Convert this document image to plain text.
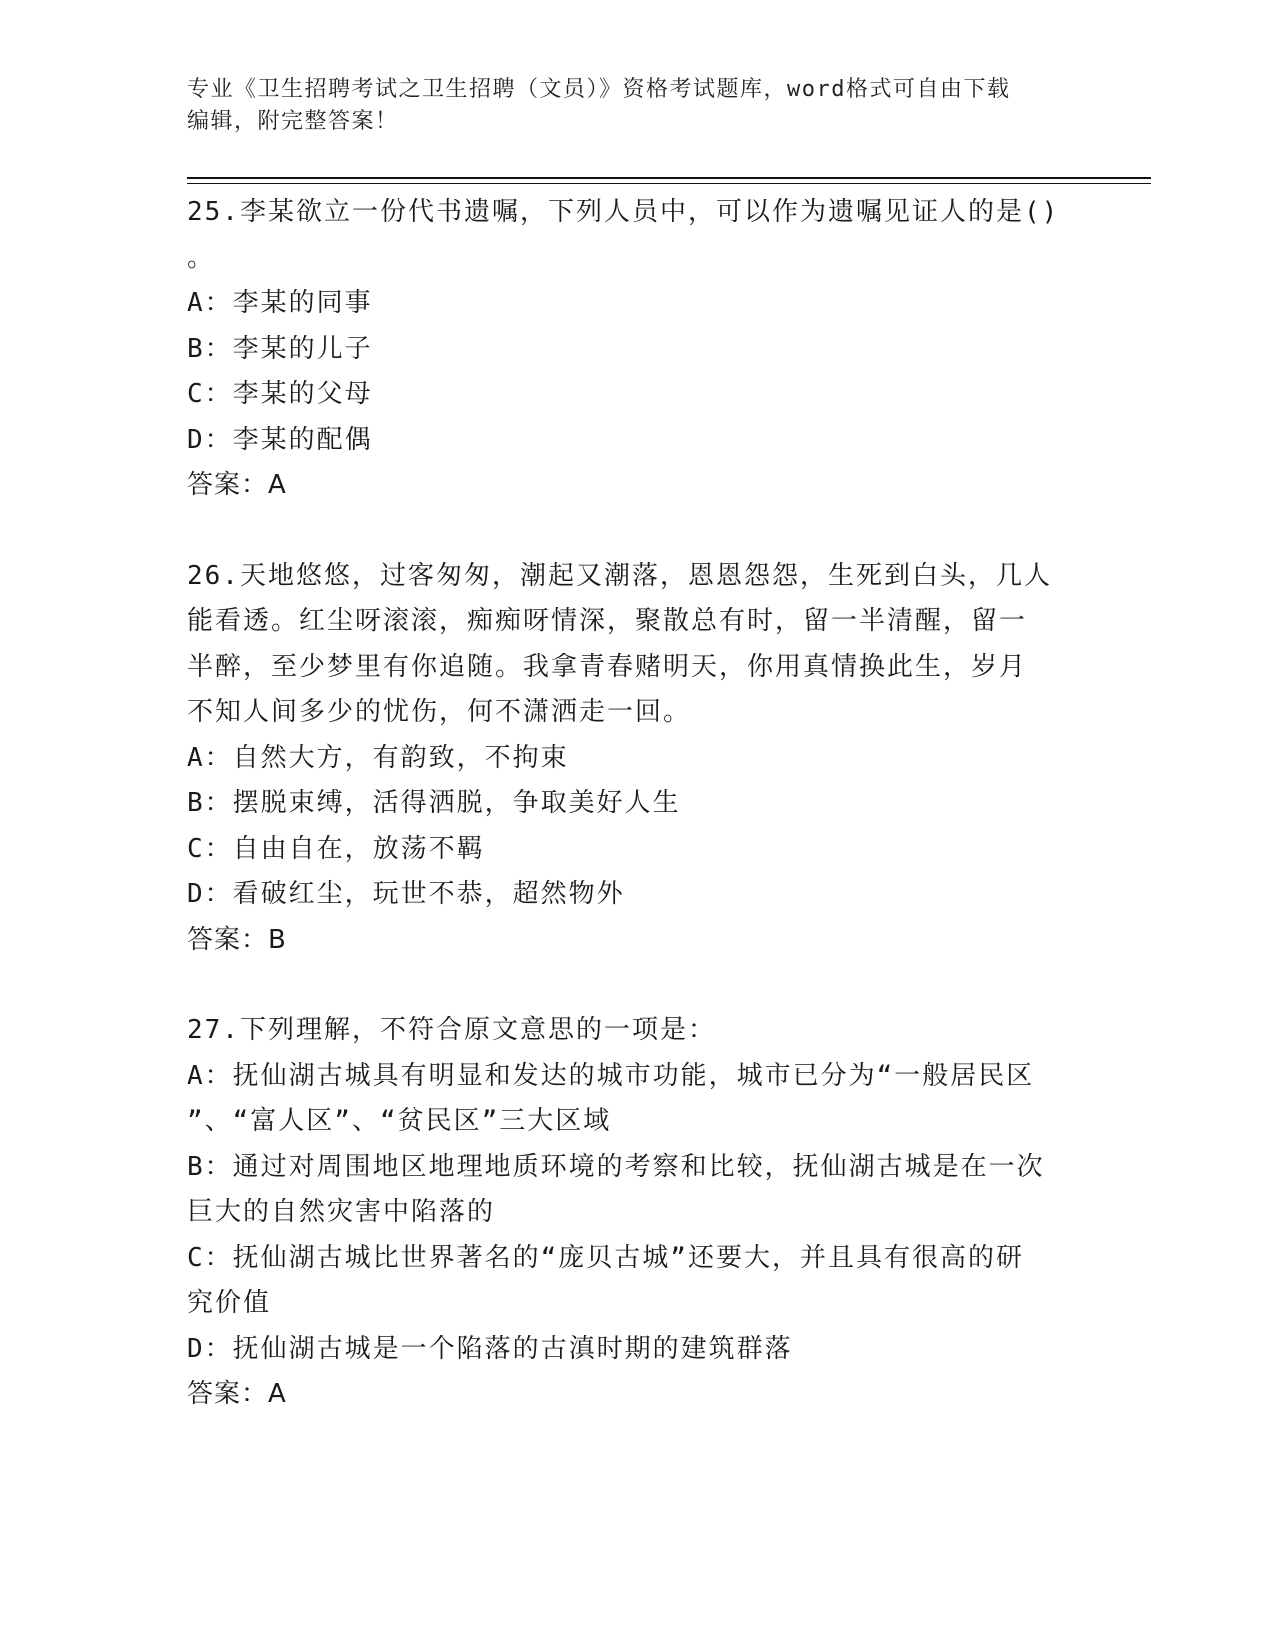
专业《卫生招聘考试之卫生招聘（文员）》资格考试题库，word格式可自由下载
编辑，附完整答案！
25.李某欲立一份代书遗嘱，下列人员中，可以作为遗嘱见证人的是()
。
A：李某的同事
B：李某的儿子
C：李某的父母
D：李某的配偶
答案：A
26.天地悠悠，过客匆匆，潮起又潮落，恩恩怨怨，生死到白头，几人
能看透。红尘呀滚滚，痴痴呀情深，聚散总有时，留一半清醒，留一
半醉，至少梦里有你追随。我拿青春赌明天，你用真情换此生，岁月
不知人间多少的忧伤，何不潇洒走一回。
A：自然大方，有韵致，不拘束
B：摆脱束缚，活得洒脱，争取美好人生
C：自由自在，放荡不羁
D：看破红尘，玩世不恭，超然物外
答案：B
27.下列理解，不符合原文意思的一项是：
A：抚仙湖古城具有明显和发达的城市功能，城市已分为“一般居民区
”、“富人区”、“贫民区”三大区域
B：通过对周围地区地理地质环境的考察和比较，抚仙湖古城是在一次
巨大的自然灾害中陷落的
C：抚仙湖古城比世界著名的“庞贝古城”还要大，并且具有很高的研
究价值
D：抚仙湖古城是一个陷落的古滇时期的建筑群落
答案：A
